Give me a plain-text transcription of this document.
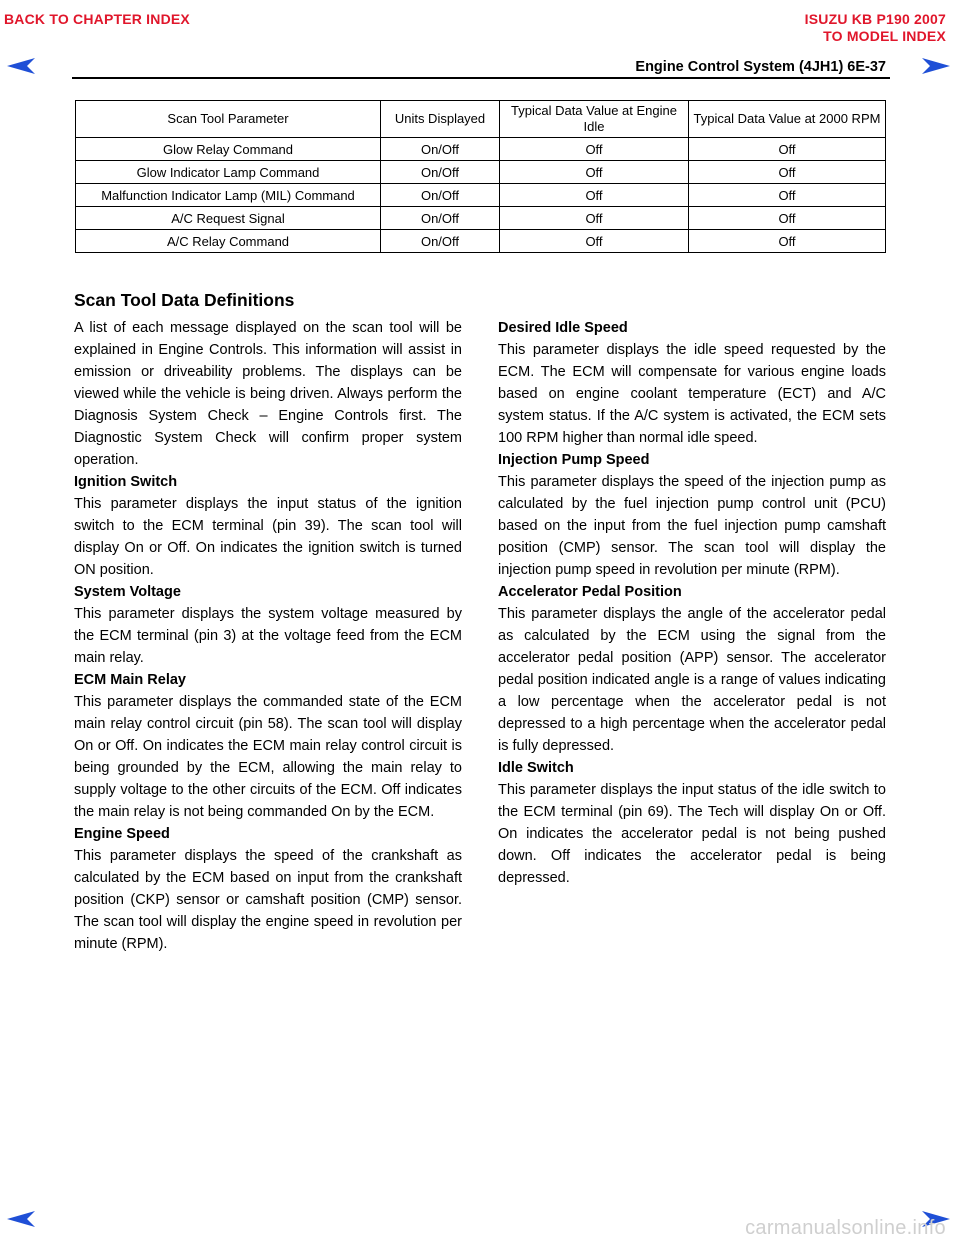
BACK TO CHAPTER INDEX	ISUZU KB P190 2007
TO MODEL INDEX
Engine Control System (4JH1) 6E-37
Scan Tool Parameter	Units Displayed	Typical Data Value at Engine Idle	Typical Data Value at 2000 RPM
Glow Relay Command	On/Off	Off	Off
Glow Indicator Lamp Command	On/Off	Off	Off
Malfunction Indicator Lamp (MIL) Command	On/Off	Off	Off
A/C Request Signal	On/Off	Off	Off
A/C Relay Command	On/Off	Off	Off
Scan Tool Data Definitions

A list of each message displayed on the scan tool will be explained in Engine Controls. This information will assist in emission or driveability problems. The displays can be viewed while the vehicle is being driven. Always perform the Diagnosis System Check – Engine Controls first. The Diagnostic System Check will confirm proper system operation.

Ignition Switch

This parameter displays the input status of the ignition switch to the ECM terminal (pin 39). The scan tool will display On or Off. On indicates the ignition switch is turned ON position.

System Voltage

This parameter displays the system voltage measured by the ECM terminal (pin 3) at the voltage feed from the ECM main relay.

ECM Main Relay

This parameter displays the commanded state of the ECM main relay control circuit (pin 58). The scan tool will display On or Off. On indicates the ECM main relay control circuit is being grounded by the ECM, allowing the main relay to supply voltage to the other circuits of the ECM. Off indicates the main relay is not being commanded On by the ECM.

Engine Speed

This parameter displays the speed of the crankshaft as calculated by the ECM based on input from the crankshaft position (CKP) sensor or camshaft position (CMP) sensor. The scan tool will display the engine speed in revolution per minute (RPM).

Desired Idle Speed

This parameter displays the idle speed requested by the ECM. The ECM will compensate for various engine loads based on engine coolant temperature (ECT) and A/C system status. If the A/C system is activated, the ECM sets 100 RPM higher than normal idle speed.

Injection Pump Speed

This parameter displays the speed of the injection pump as calculated by the fuel injection pump control unit (PCU) based on the input from the fuel injection pump camshaft position (CMP) sensor. The scan tool will display the injection pump speed in revolution per minute (RPM).

Accelerator Pedal Position

This parameter displays the angle of the accelerator pedal as calculated by the ECM using the signal from the accelerator pedal position (APP) sensor. The accelerator pedal position indicated angle is a range of values indicating a low percentage when the accelerator pedal is not depressed to a high percentage when the accelerator pedal is fully depressed.

Idle Switch

This parameter displays the input status of the idle switch to the ECM terminal (pin 69). The Tech will display On or Off. On indicates the accelerator pedal is not being pushed down. Off indicates the accelerator pedal is being depressed.

carmanualsonline.info
